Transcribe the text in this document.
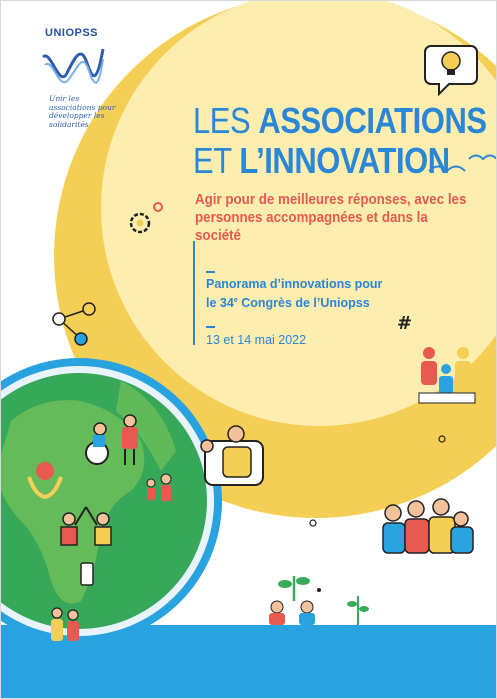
#
UNIOPSS
Unir les associations pour développer les solidarités	LES ASSOCIATIONS
ET L’INNOVATION
Agir pour de meilleures réponses, avec les personnes accompagnées et dans la société
Panorama d’innovations pour
le 34e Congrès de l’Uniopss
13 et 14 mai 2022
